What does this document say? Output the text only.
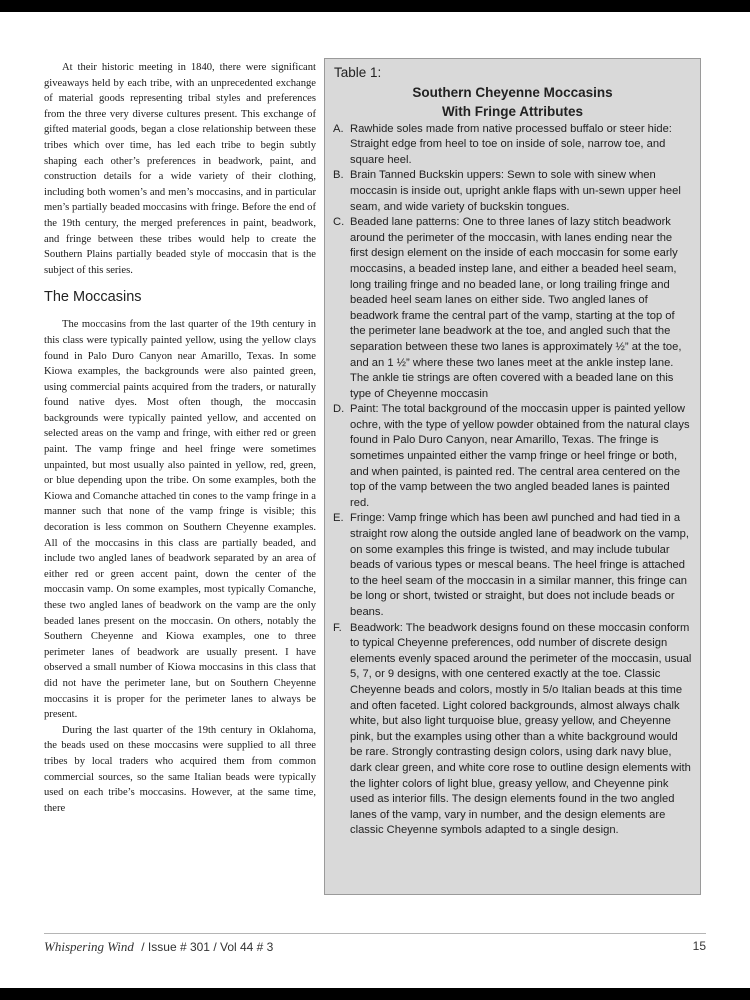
At their historic meeting in 1840, there were significant giveaways held by each tribe, with an unprecedented exchange of material goods representing tribal styles and preferences from the three very diverse cultures present. This exchange of gifted material goods, began a close relationship between these tribes which over time, has led each tribe to begin subtly shaping each other’s preferences in beadwork, paint, and construction details for a wide variety of their clothing, including both women’s and men’s moccasins, and in particular men’s partially beaded moccasins with fringe. Before the end of the 19th century, the merged preferences in paint, beadwork, and fringe between these tribes would help to create the Southern Plains partially beaded style of moccasin that is the subject of this series.

The Moccasins

The moccasins from the last quarter of the 19th century in this class were typically painted yellow, using the yellow clays found in Palo Duro Canyon near Amarillo, Texas. In some Kiowa examples, the backgrounds were also painted green, using commercial paints acquired from the traders, or naturally found native dyes. Most often though, the moccasin backgrounds were typically painted yellow, and accented on selected areas on the vamp and fringe, with either red or green paint. The vamp fringe and heel fringe were sometimes unpainted, but most usually also painted in yellow, red, green, or blue depending upon the tribe. On some examples, both the Kiowa and Comanche attached tin cones to the vamp fringe in a manner such that none of the vamp fringe is visible; this decoration is less common on Southern Cheyenne examples. All of the moccasins in this class are partially beaded, and include two angled lanes of beadwork separated by an area of either red or green accent paint, down the center of the moccasin vamp. On some examples, most typically Comanche, these two angled lanes of beadwork on the vamp are the only beaded lanes present on the moccasin. On others, notably the Southern Cheyenne and Kiowa examples, one to three perimeter lanes of beadwork are usually present. I have observed a small number of Kiowa moccasins in this class that did not have the perimeter lane, but on Southern Cheyenne moccasins it is proper for the perimeter lanes to always be present.

During the last quarter of the 19th century in Oklahoma, the beads used on these moccasins were supplied to all three tribes by local traders who acquired them from common commercial sources, so the same Italian beads were typically used on each tribe’s moccasins. However, at the same time, there

Table 1:
Southern Cheyenne Moccasins
With Fringe Attributes
A. Rawhide soles made from native processed buffalo or steer hide: Straight edge from heel to toe on inside of sole, narrow toe, and square heel.
B. Brain Tanned Buckskin uppers: Sewn to sole with sinew when moccasin is inside out, upright ankle flaps with un-sewn upper heel seam, and wide variety of buckskin tongues.
C. Beaded lane patterns: One to three lanes of lazy stitch beadwork around the perimeter of the moccasin, with lanes ending near the first design element on the inside of each moccasin for some early moccasins, a beaded instep lane, and either a beaded heel seam, long trailing fringe and no beaded lane, or long trailing fringe and beaded heel seam lanes on either side. Two angled lanes of beadwork frame the central part of the vamp, starting at the top of the perimeter lane beadwork at the toe, and angled such that the separation between these two lanes is approximately ½” at the toe, and an 1 ½” where these two lanes meet at the ankle instep lane. The ankle tie strings are often covered with a beaded lane on this type of Cheyenne moccasin
D. Paint: The total background of the moccasin upper is painted yellow ochre, with the type of yellow powder obtained from the natural clays found in Palo Duro Canyon, near Amarillo, Texas. The fringe is sometimes unpainted either the vamp fringe or heel fringe or both, and when painted, is painted red. The central area centered on the top of the vamp between the two angled beaded lanes is painted red.
E. Fringe: Vamp fringe which has been awl punched and had tied in a straight row along the outside angled lane of beadwork on the vamp, on some examples this fringe is twisted, and may include tubular beads of various types or mescal beans. The heel fringe is attached to the heel seam of the moccasin in a similar manner, this fringe can be long or short, twisted or straight, but does not include beads or beans.
F. Beadwork: The beadwork designs found on these moccasin conform to typical Cheyenne preferences, odd number of discrete design elements evenly spaced around the perimeter of the moccasin, usual 5, 7, or 9 designs, with one centered exactly at the toe. Classic Cheyenne beads and colors, mostly in 5/o Italian beads at this time and often faceted. Light colored backgrounds, almost always chalk white, but also light turquoise blue, greasy yellow, and Cheyenne pink, but the examples using other than a white background would be rare. Strongly contrasting design colors, using dark navy blue, dark clear green, and white core rose to outline design elements with the lighter colors of light blue, greasy yellow, and Cheyenne pink used as interior fills. The design elements found in the two angled lanes of the vamp, vary in number, and the design elements are classic Cheyenne symbols adapted to a single design.
Whispering Wind / Issue # 301 / Vol 44 # 3	15
